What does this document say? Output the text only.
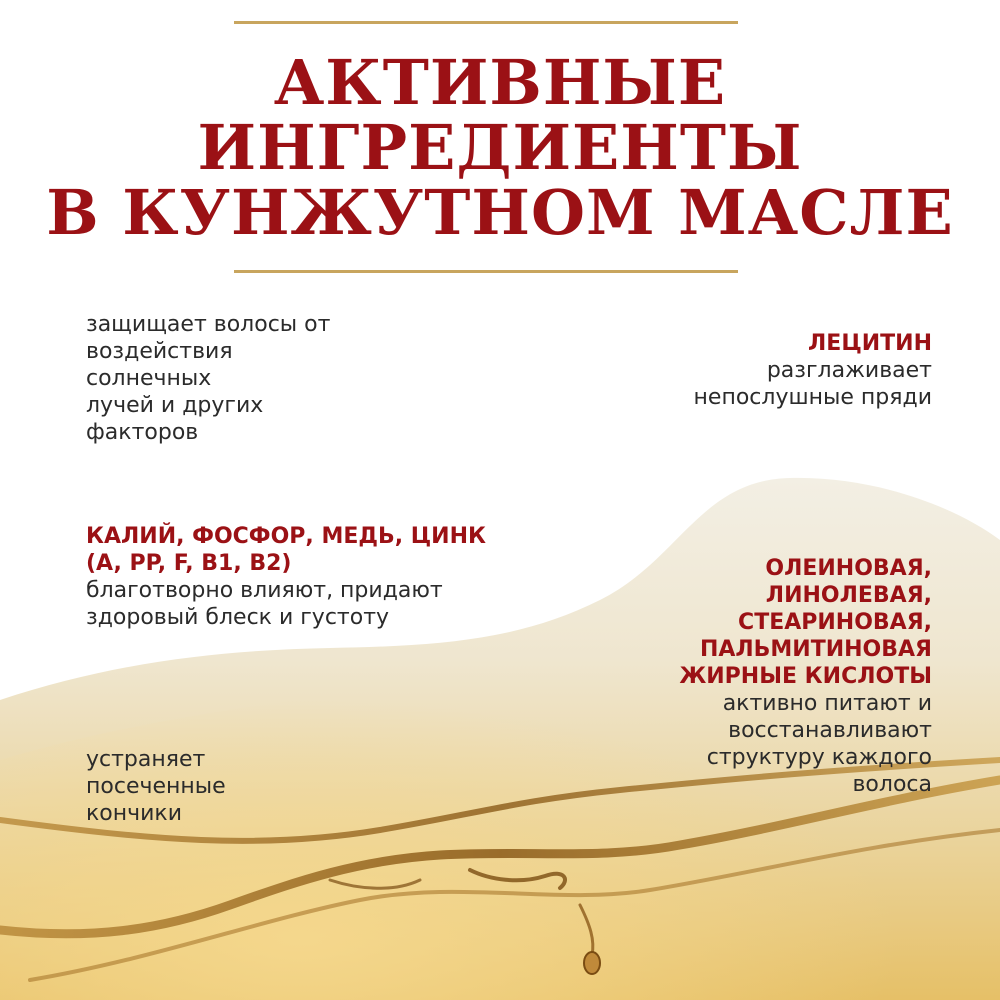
АКТИВНЫЕ
ИНГРЕДИЕНТЫ
В КУНЖУТНОМ МАСЛЕ
защищает волосы от
воздействия
солнечных
лучей и других
факторов
ЛЕЦИТИН
разглаживает
непослушные пряди
КАЛИЙ, ФОСФОР, МЕДЬ, ЦИНК
(A, PP, F, B1, B2)
благотворно влияют, придают
здоровый блеск и густоту
ОЛЕИНОВАЯ,
ЛИНОЛЕВАЯ,
СТЕАРИНОВАЯ,
ПАЛЬМИТИНОВАЯ
ЖИРНЫЕ КИСЛОТЫ
активно питают и
восстанавливают
структуру каждого
волоса
устраняет
посеченные
кончики
